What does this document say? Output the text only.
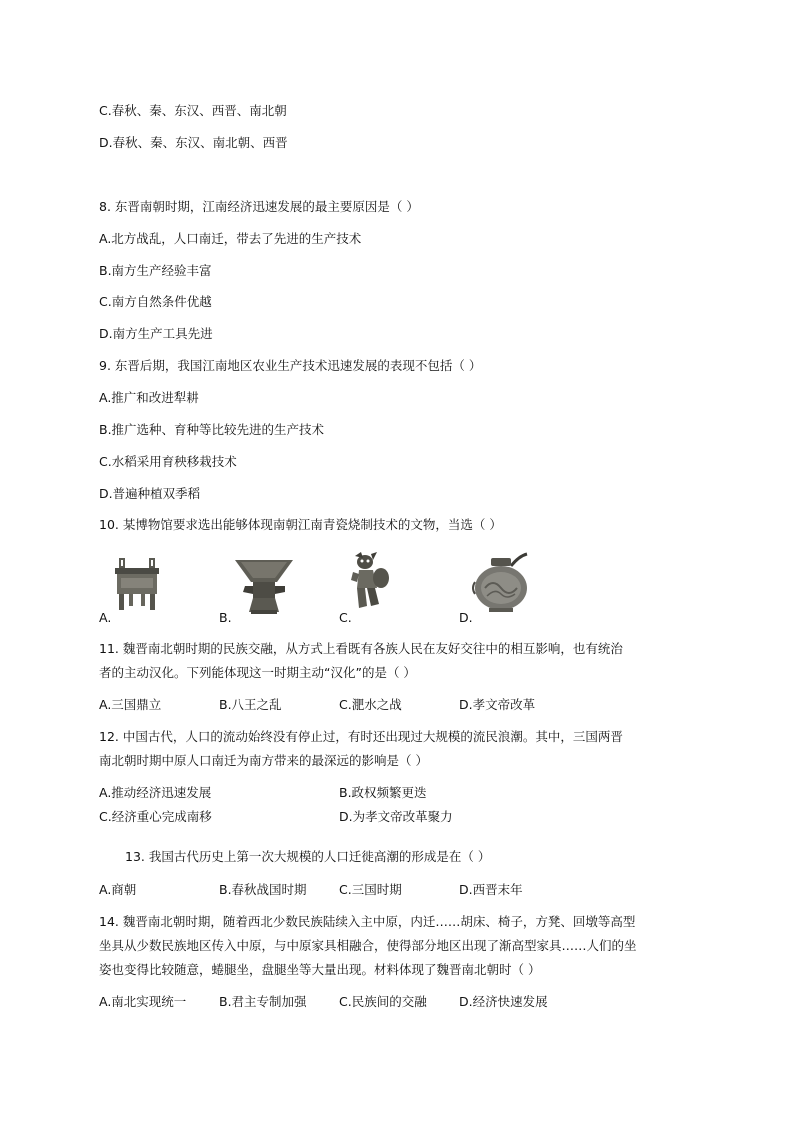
C.春秋、秦、东汉、西晋、南北朝
D.春秋、秦、东汉、南北朝、西晋
8. 东晋南朝时期，江南经济迅速发展的最主要原因是（ ）
A.北方战乱，人口南迁，带去了先进的生产技术
B.南方生产经验丰富
C.南方自然条件优越
D.南方生产工具先进
9. 东晋后期，我国江南地区农业生产技术迅速发展的表现不包括（ ）
A.推广和改进犁耕
B.推广选种、育种等比较先进的生产技术
C.水稻采用育秧移栽技术
D.普遍种植双季稻
10. 某博物馆要求选出能够体现南朝江南青瓷烧制技术的文物，当选（ ）
A.	B.	C.	D.
11. 魏晋南北朝时期的民族交融，从方式上看既有各族人民在友好交往中的相互影响，也有统治
者的主动汉化。下列能体现这一时期主动“汉化”的是（ ）
A.三国鼎立	B.八王之乱	C.淝水之战	D.孝文帝改革
12. 中国古代，人口的流动始终没有停止过，有时还出现过大规模的流民浪潮。其中，三国两晋
南北朝时期中原人口南迁为南方带来的最深远的影响是（ ）
A.推动经济迅速发展	B.政权频繁更迭
C.经济重心完成南移	D.为孝文帝改革聚力
13. 我国古代历史上第一次大规模的人口迁徙高潮的形成是在（ ）
A.商朝	B.春秋战国时期	C.三国时期	D.西晋末年
14. 魏晋南北朝时期，随着西北少数民族陆续入主中原，内迁……胡床、椅子，方凳、回墩等高型
坐具从少数民族地区传入中原，与中原家具相融合，使得部分地区出现了渐高型家具……人们的坐
姿也变得比较随意，蜷腿坐，盘腿坐等大量出现。材料体现了魏晋南北朝时（ ）
A.南北实现统一	B.君主专制加强	C.民族间的交融	D.经济快速发展
